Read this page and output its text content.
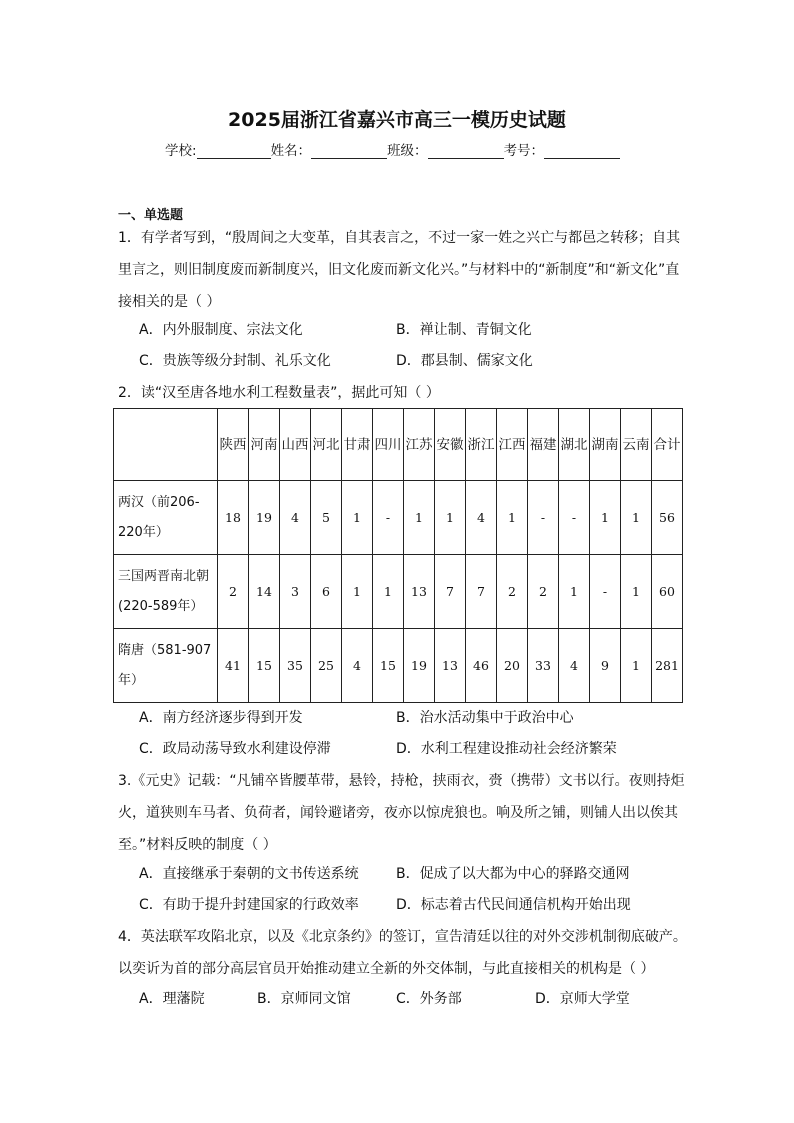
2025届浙江省嘉兴市高三一模历史试题
学校:	姓名：	班级：	考号：
一、单选题
1．有学者写到，“殷周间之大变革，自其表言之，不过一家一姓之兴亡与都邑之转移；自其里言之，则旧制度废而新制度兴，旧文化废而新文化兴。”与材料中的“新制度”和“新文化”直接相关的是（ ）
A．内外服制度、宗法文化	B．禅让制、青铜文化
C．贵族等级分封制、礼乐文化	D．郡县制、儒家文化
2．读“汉至唐各地水利工程数量表”，据此可知（ ）
	陕西	河南	山西	河北	甘肃	四川	江苏	安徽	浙江	江西	福建	湖北	湖南	云南	合计
两汉（前206-220年）	18	19	4	5	1	-	1	1	4	1	-	-	1	1	56
三国两晋南北朝(220-589年）	2	14	3	6	1	1	13	7	7	2	2	1	-	1	60
隋唐（581-907年）	41	15	35	25	4	15	19	13	46	20	33	4	9	1	281
A．南方经济逐步得到开发	B．治水活动集中于政治中心
C．政局动荡导致水利建设停滞	D．水利工程建设推动社会经济繁荣
3.《元史》记载：“凡铺卒皆腰革带，悬铃，持枪，挟雨衣，赍（携带）文书以行。夜则持炬火，道狭则车马者、负荷者，闻铃避诸旁，夜亦以惊虎狼也。响及所之铺，则铺人出以俟其至。”材料反映的制度（ ）
A．直接继承于秦朝的文书传送系统	B．促成了以大都为中心的驿路交通网
C．有助于提升封建国家的行政效率	D．标志着古代民间通信机构开始出现
4．英法联军攻陷北京，以及《北京条约》的签订，宣告清廷以往的对外交涉机制彻底破产。以奕䜣为首的部分高层官员开始推动建立全新的外交体制，与此直接相关的机构是（ ）
A．理藩院	B．京师同文馆	C．外务部	D．京师大学堂
